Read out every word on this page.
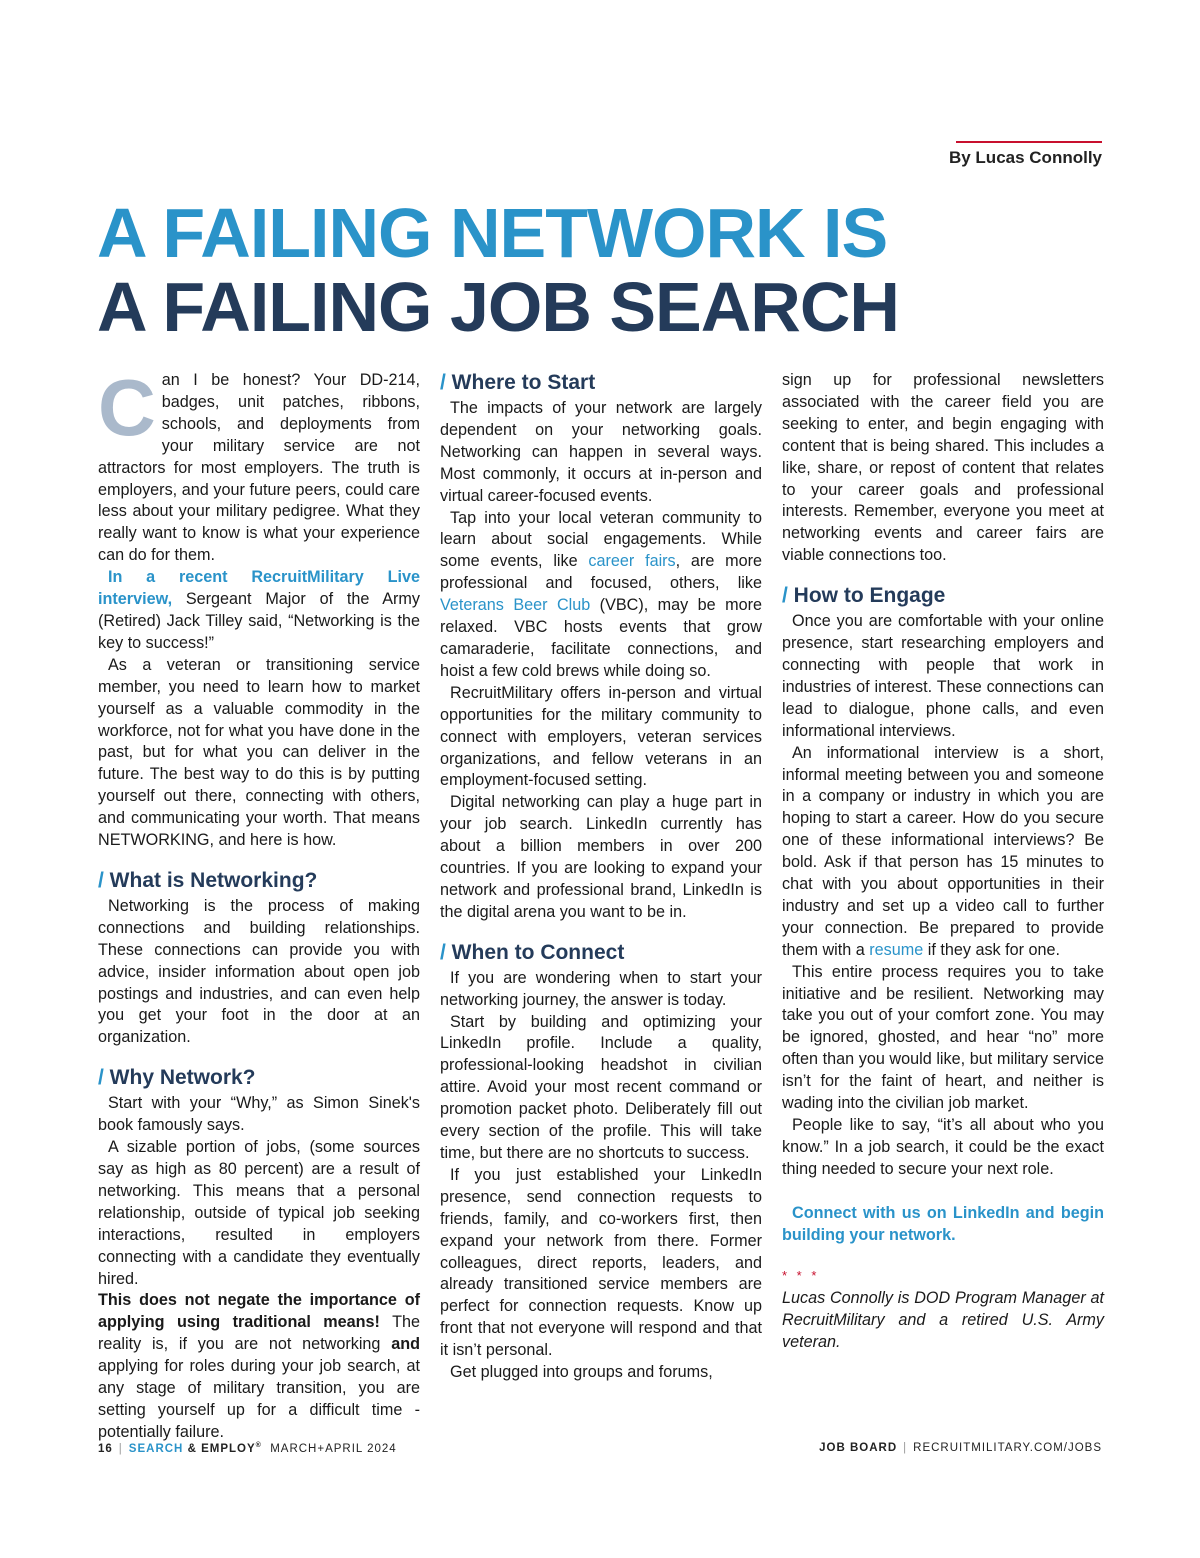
By Lucas Connolly
A FAILING NETWORK IS
A FAILING JOB SEARCH

Can I be honest? Your DD-214, badges, unit patches, ribbons, schools, and deployments from your military service are not attractors for most employers. The truth is employers, and your future peers, could care less about your military pedigree. What they really want to know is what your experience can do for them.

In a recent RecruitMilitary Live interview, Sergeant Major of the Army (Retired) Jack Tilley said, “Networking is the key to success!”

As a veteran or transitioning service member, you need to learn how to market yourself as a valuable commodity in the workforce, not for what you have done in the past, but for what you can deliver in the future. The best way to do this is by putting yourself out there, connecting with others, and communicating your worth. That means NETWORKING, and here is how.

/ What is Networking?

Networking is the process of making connections and building relationships. These connections can provide you with advice, insider information about open job postings and industries, and can even help you get your foot in the door at an organization.

/ Why Network?

Start with your “Why,” as Simon Sinek's book famously says.

A sizable portion of jobs, (some sources say as high as 80 percent) are a result of networking. This means that a personal relationship, outside of typical job seeking interactions, resulted in employers connecting with a candidate they eventually hired.

This does not negate the importance of applying using traditional means! The reality is, if you are not networking and applying for roles during your job search, at any stage of military transition, you are setting yourself up for a difficult time - potentially failure.

/ Where to Start

The impacts of your network are largely dependent on your networking goals. Networking can happen in several ways. Most commonly, it occurs at in-person and virtual career-focused events.

Tap into your local veteran community to learn about social engagements. While some events, like career fairs, are more professional and focused, others, like Veterans Beer Club (VBC), may be more relaxed. VBC hosts events that grow camaraderie, facilitate connections, and hoist a few cold brews while doing so.

RecruitMilitary offers in-person and virtual opportunities for the military community to connect with employers, veteran services organizations, and fellow veterans in an employment-focused setting.

Digital networking can play a huge part in your job search. LinkedIn currently has about a billion members in over 200 countries. If you are looking to expand your network and professional brand, LinkedIn is the digital arena you want to be in.

/ When to Connect

If you are wondering when to start your networking journey, the answer is today.

Start by building and optimizing your LinkedIn profile. Include a quality, professional-looking headshot in civilian attire. Avoid your most recent command or promotion packet photo. Deliberately fill out every section of the profile. This will take time, but there are no shortcuts to success.

If you just established your LinkedIn presence, send connection requests to friends, family, and co-workers first, then expand your network from there. Former colleagues, direct reports, leaders, and already transitioned service members are perfect for connection requests. Know up front that not everyone will respond and that it isn’t personal.

Get plugged into groups and forums,

sign up for professional newsletters associated with the career field you are seeking to enter, and begin engaging with content that is being shared. This includes a like, share, or repost of content that relates to your career goals and professional interests. Remember, everyone you meet at networking events and career fairs are viable connections too.

/ How to Engage

Once you are comfortable with your online presence, start researching employers and connecting with people that work in industries of interest. These connections can lead to dialogue, phone calls, and even informational interviews.

An informational interview is a short, informal meeting between you and someone in a company or industry in which you are hoping to start a career. How do you secure one of these informational interviews? Be bold. Ask if that person has 15 minutes to chat with you about opportunities in their industry and set up a video call to further your connection. Be prepared to provide them with a resume if they ask for one.

This entire process requires you to take initiative and be resilient. Networking may take you out of your comfort zone. You may be ignored, ghosted, and hear “no” more often than you would like, but military service isn’t for the faint of heart, and neither is wading into the civilian job market.

People like to say, “it’s all about who you know.” In a job search, it could be the exact thing needed to secure your next role.

Connect with us on LinkedIn and begin building your network.

* * *

Lucas Connolly is DOD Program Manager at RecruitMilitary and a retired U.S. Army veteran.

16 | SEARCH & EMPLOY® MARCH+APRIL 2024	JOB BOARD | RECRUITMILITARY.COM/JOBS
